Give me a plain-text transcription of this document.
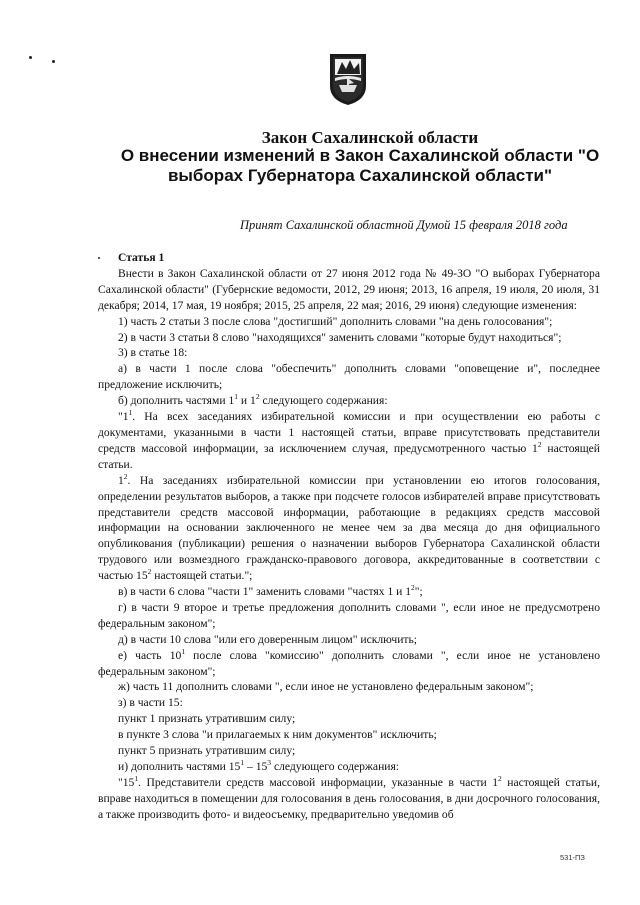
Закон Сахалинской области
О внесении изменений в Закон Сахалинской области "О выборах Губернатора Сахалинской области"
Принят Сахалинской областной Думой 15 февраля 2018 года

Статья 1

Внести в Закон Сахалинской области от 27 июня 2012 года № 49-ЗО "О выборах Губернатора Сахалинской области" (Губернские ведомости, 2012, 29 июня; 2013, 16 апреля, 19 июля, 20 июля, 31 декабря; 2014, 17 мая, 19 ноября; 2015, 25 апреля, 22 мая; 2016, 29 июня) следующие изменения:

1) часть 2 статьи 3 после слова "достигший" дополнить словами "на день голосования";

2) в части 3 статьи 8 слово "находящихся" заменить словами "которые будут находиться";

3) в статье 18:

а) в части 1 после слова "обеспечить" дополнить словами "оповещение и", последнее предложение исключить;

б) дополнить частями $1^1$ и $1^2$ следующего содержания:

"$1^1$. На всех заседаниях избирательной комиссии и при осуществлении ею работы с документами, указанными в части 1 настоящей статьи, вправе присутствовать представители средств массовой информации, за исключением случая, предусмотренного частью $1^2$ настоящей статьи.

$1^2$. На заседаниях избирательной комиссии при установлении ею итогов голосования, определении результатов выборов, а также при подсчете голосов избирателей вправе присутствовать представители средств массовой информации, работающие в редакциях средств массовой информации на основании заключенного не менее чем за два месяца до дня официального опубликования (публикации) решения о назначении выборов Губернатора Сахалинской области трудового или возмездного гражданско-правового договора, аккредитованные в соответствии с частью $15^2$ настоящей статьи.";

в) в части 6 слова "части 1" заменить словами "частях 1 и $1^2$";

г) в части 9 второе и третье предложения дополнить словами ", если иное не предусмотрено федеральным законом";

д) в части 10 слова "или его доверенным лицом" исключить;

е) часть $10^1$ после слова "комиссию" дополнить словами ", если иное не установлено федеральным законом";

ж) часть 11 дополнить словами ", если иное не установлено федеральным законом";

з) в части 15:

пункт 1 признать утратившим силу;

в пункте 3 слова "и прилагаемых к ним документов" исключить;

пункт 5 признать утратившим силу;

и) дополнить частями $15^1 - 15^3$ следующего содержания:

"$15^1$. Представители средств массовой информации, указанные в части $1^2$ настоящей статьи, вправе находиться в помещении для голосования в день голосования, в дни досрочного голосования, а также производить фото- и видеосъемку, предварительно уведомив об

531-ПЗ
